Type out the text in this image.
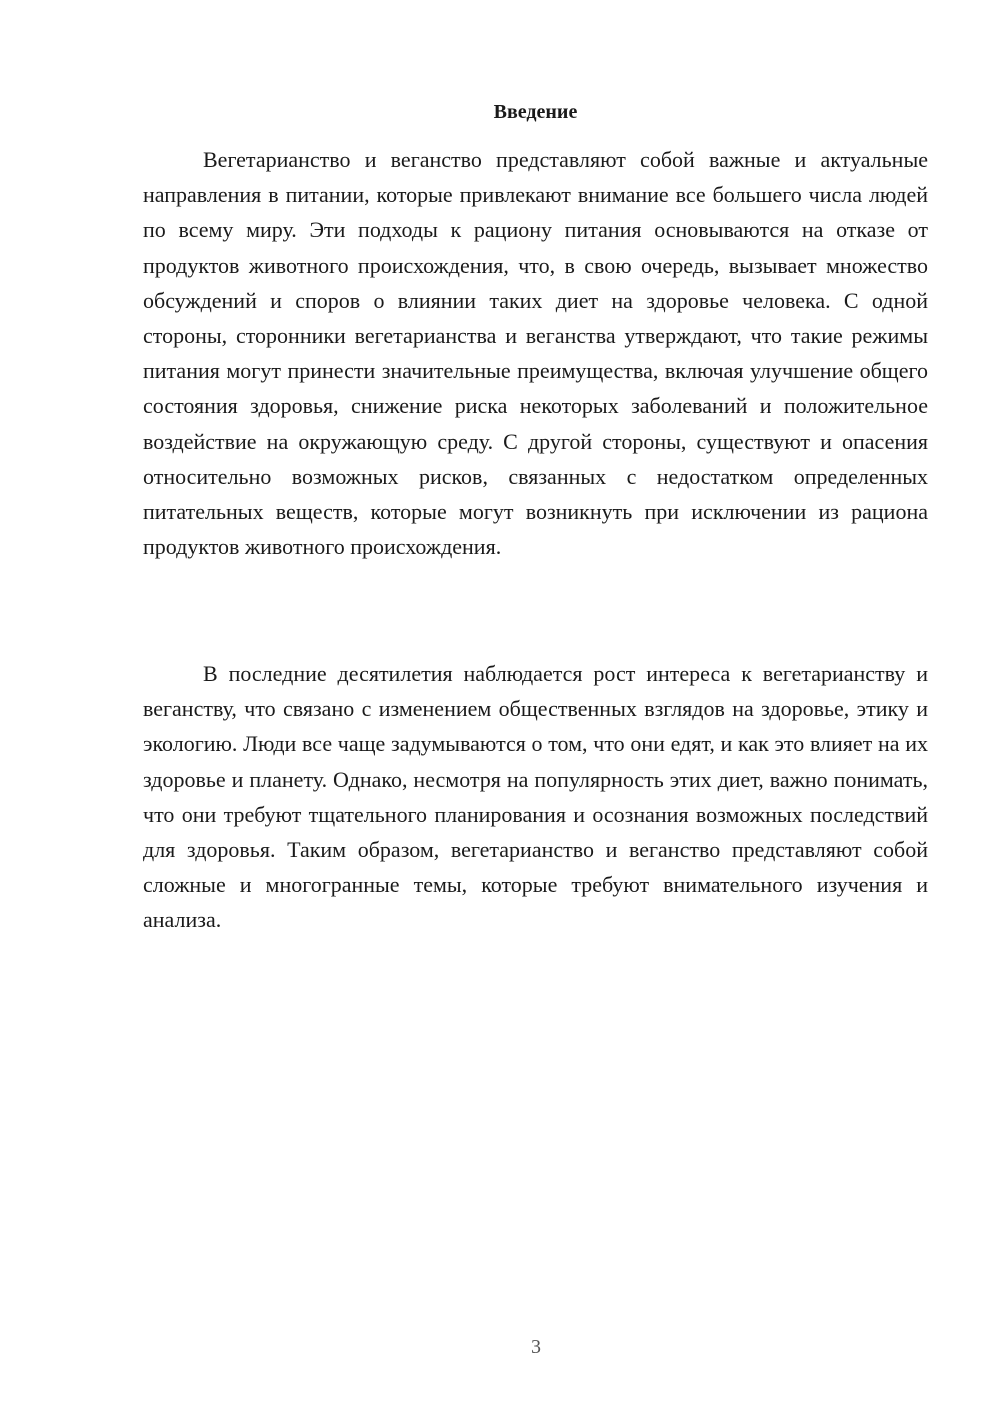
Введение

Вегетарианство и веганство представляют собой важные и актуальные направления в питании, которые привлекают внимание все большего числа людей по всему миру. Эти подходы к рациону питания основываются на отказе от продуктов животного происхождения, что, в свою очередь, вызывает множество обсуждений и споров о влиянии таких диет на здоровье человека. С одной стороны, сторонники вегетарианства и веганства утверждают, что такие режимы питания могут принести значительные преимущества, включая улучшение общего состояния здоровья, снижение риска некоторых заболеваний и положительное воздействие на окружающую среду. С другой стороны, существуют и опасения относительно возможных рисков, связанных с недостатком определенных питательных веществ, которые могут возникнуть при исключении из рациона продуктов животного происхождения.

В последние десятилетия наблюдается рост интереса к вегетарианству и веганству, что связано с изменением общественных взглядов на здоровье, этику и экологию. Люди все чаще задумываются о том, что они едят, и как это влияет на их здоровье и планету. Однако, несмотря на популярность этих диет, важно понимать, что они требуют тщательного планирования и осознания возможных последствий для здоровья. Таким образом, вегетарианство и веганство представляют собой сложные и многогранные темы, которые требуют внимательного изучения и анализа.

3
